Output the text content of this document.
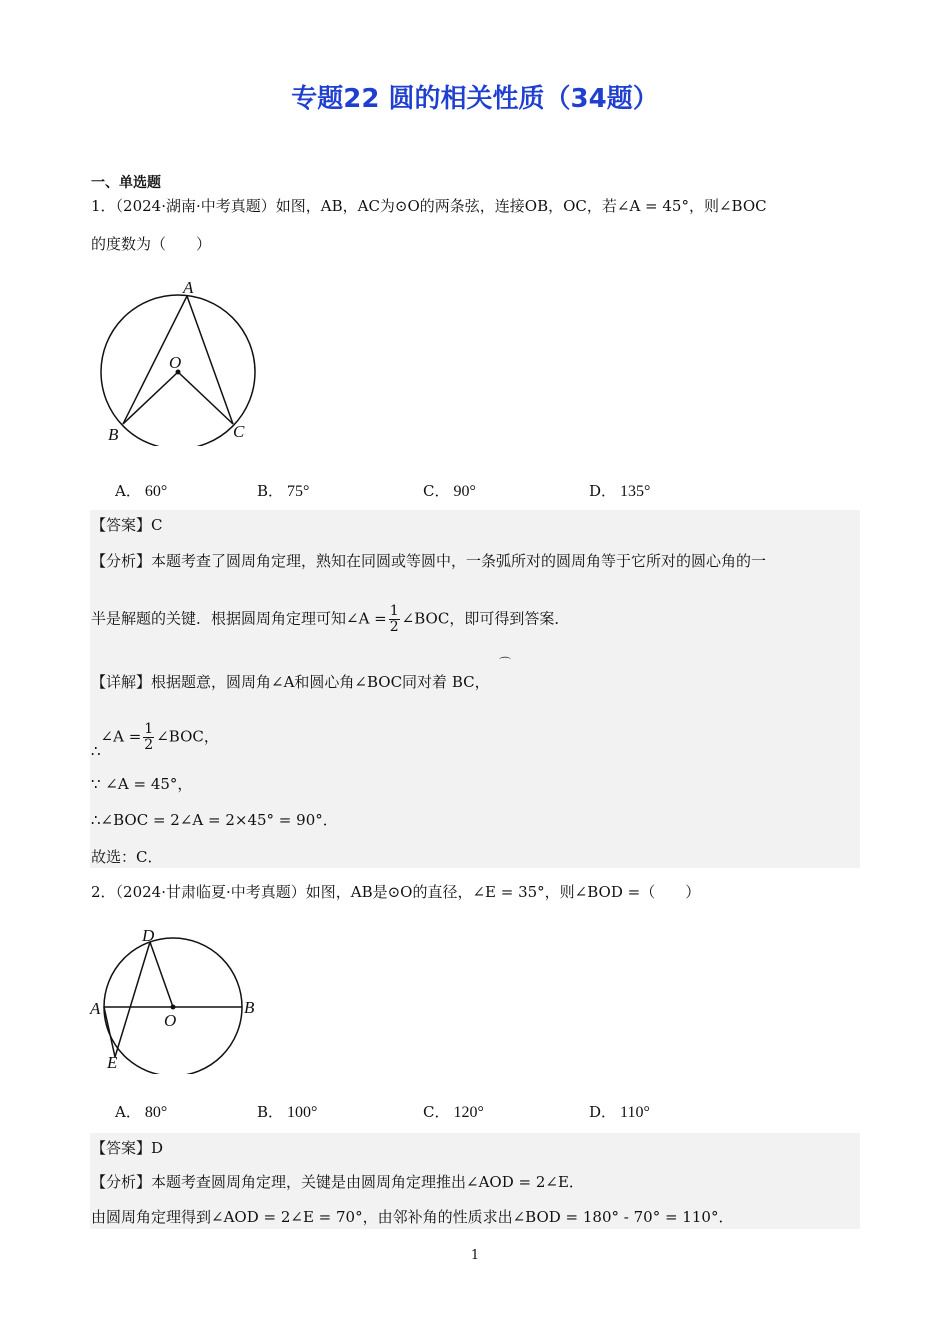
专题22 圆的相关性质（34题）
一、单选题
1．（2024·湖南·中考真题）如图，AB，AC为⊙O的两条弦，连接OB，OC，若∠A = 45°，则∠BOC
的度数为（　　）
A
O
B	C
A． 60°	B． 75°	C． 90°	D． 135°
【答案】C
【分析】本题考查了圆周角定理，熟知在同圆或等圆中，一条弧所对的圆周角等于它所对的圆心角的一
半是解题的关键．根据圆周角定理可知∠A = $\frac{1}{2}$ ∠BOC，即可得到答案．
【详解】根据题意，圆周角∠A和圆心角∠BOC同对着 BC，
⌒
∴∠A = $\frac{1}{2}$ ∠BOC，
∵ ∠A = 45°，
∴∠BOC = 2∠A = 2×45° = 90°．
故选：C．
2．（2024·甘肃临夏·中考真题）如图，AB是⊙O的直径，∠E = 35°，则∠BOD =（　　）
D
A
O
B
E
A． 80°	B． 100°	C． 120°	D． 110°
【答案】D
【分析】本题考查圆周角定理，关键是由圆周角定理推出∠AOD = 2∠E．
由圆周角定理得到∠AOD = 2∠E = 70°，由邻补角的性质求出∠BOD = 180° - 70° = 110°．
1
